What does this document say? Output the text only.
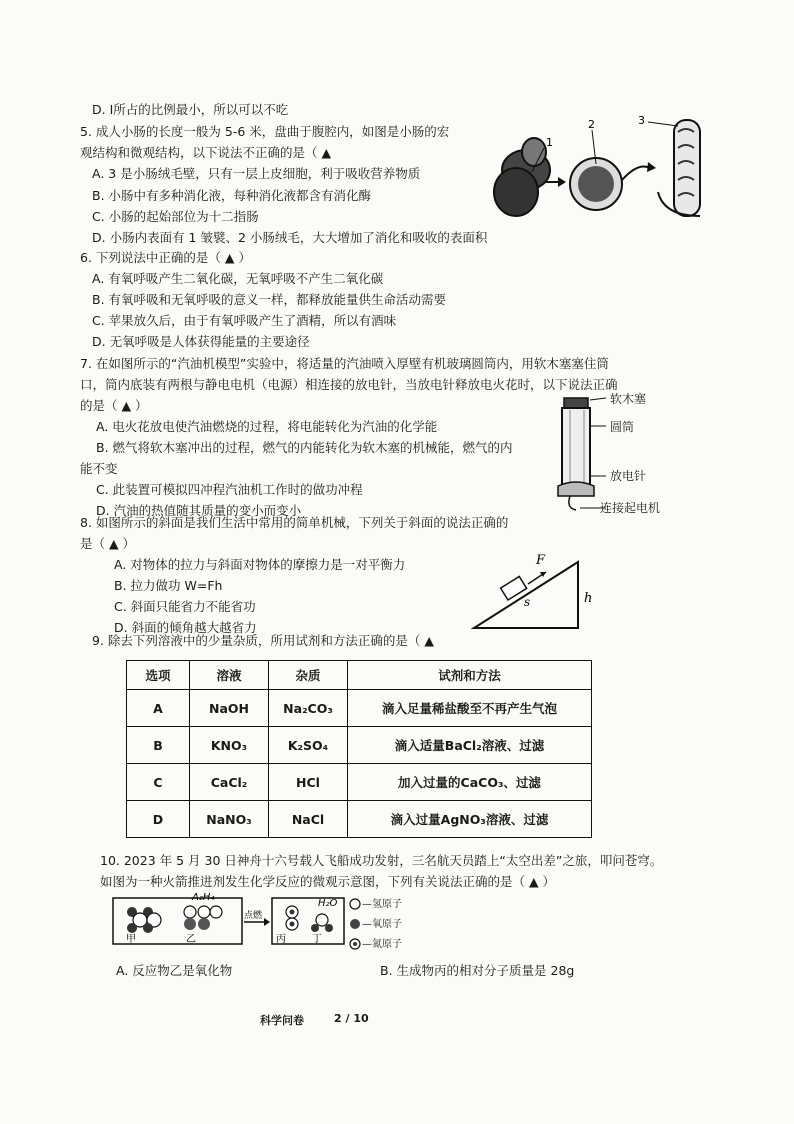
D. Ⅰ所占的比例最小，所以可以不吃
5. 成人小肠的长度一般为 5-6 米，盘曲于腹腔内，如图是小肠的宏
观结构和微观结构，以下说法不正确的是（ ▲
A. 3 是小肠绒毛壁，只有一层上皮细胞，利于吸收营养物质
B. 小肠中有多种消化液，每种消化液都含有消化酶
C. 小肠的起始部位为十二指肠
D. 小肠内表面有 1 皱襞、2 小肠绒毛，大大增加了消化和吸收的表面积
1
2	3
6. 下列说法中正确的是（ ▲ ）
A. 有氧呼吸产生二氧化碳，无氧呼吸不产生二氧化碳
B. 有氧呼吸和无氧呼吸的意义一样，都释放能量供生命活动需要
C. 苹果放久后，由于有氧呼吸产生了酒精，所以有酒味
D. 无氧呼吸是人体获得能量的主要途径
7. 在如图所示的“汽油机模型”实验中，将适量的汽油喷入厚壁有机玻璃圆筒内，用软木塞塞住筒
口，筒内底装有两根与静电电机（电源）相连接的放电针，当放电针释放电火花时，以下说法正确
的是（ ▲ ）
A. 电火花放电使汽油燃烧的过程，将电能转化为汽油的化学能
B. 燃气将软木塞冲出的过程，燃气的内能转化为软木塞的机械能，燃气的内
能不变
C. 此装置可模拟四冲程汽油机工作时的做功冲程
D. 汽油的热值随其质量的变小而变小
软木塞
圆筒
放电针
连接起电机
8. 如图所示的斜面是我们生活中常用的简单机械，下列关于斜面的说法正确的
是（ ▲ ）
A. 对物体的拉力与斜面对物体的摩擦力是一对平衡力
B. 拉力做功 W=Fh
C. 斜面只能省力不能省功
D. 斜面的倾角越大越省力
F
s	h
9. 除去下列溶液中的少量杂质，所用试剂和方法正确的是（ ▲
选项	溶液	杂质	试剂和方法
A	NaOH	Na₂CO₃	滴入足量稀盐酸至不再产生气泡
B	KNO₃	K₂SO₄	滴入适量BaCl₂溶液、过滤
C	CaCl₂	HCl	加入过量的CaCO₃、过滤
D	NaNO₃	NaCl	滴入过量AgNO₃溶液、过滤
10. 2023 年 5 月 30 日神舟十六号载人飞船成功发射，三名航天员踏上“太空出差”之旅，叩问苍穹。
如图为一种火箭推进剂发生化学反应的微观示意图，下列有关说法正确的是（ ▲ ）
甲
A₂H₄
乙
点燃
丙
H₂O
丁
—氢原子
—氧原子
—氮原子
A. 反应物乙是氧化物	B. 生成物丙的相对分子质量是 28g
科学问卷	2 / 10
